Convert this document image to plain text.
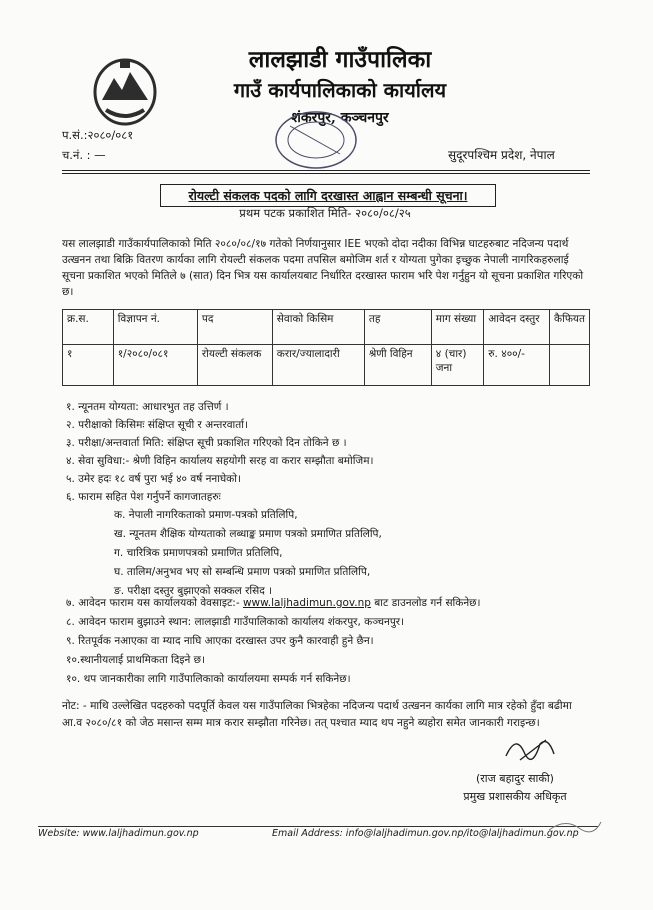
लालझाडी गाउँपालिका
गाउँ कार्यपालिकाको कार्यालय
शंकरपुर, कञ्चनपुर
प.सं.:२०८०/०८१
च.नं. : —	सुदूरपश्चिम प्रदेश, नेपाल
रोयल्टी संकलक पदको लागि दरखास्त आह्वान सम्बन्धी सूचना।
प्रथम पटक प्रकाशित मिति- २०८०/०८/२५
यस लालझाडी गाउँकार्यपालिकाको मिति २०८०/०८/१७ गतेको निर्णयानुसार IEE भएको दोदा नदीका विभिन्न घाटहरुबाट नदिजन्य पदार्थ उत्खनन तथा बिक्रि वितरण कार्यका लागि रोयल्टी संकलक पदमा तपसिल बमोजिम शर्त र योग्यता पुगेका इच्छुक नेपाली नागरिकहरुलाई सूचना प्रकाशित भएको मितिले ७ (सात) दिन भित्र यस कार्यालयबाट निर्धारित दरखास्त फाराम भरि पेश गर्नुहुन यो सूचना प्रकाशित गरिएको छ।
क्र.स.	विज्ञापन नं.	पद	सेवाको किसिम	तह	माग संख्या	आवेदन दस्तुर	कैफियत
१	१/२०८०/०८१	रोयल्टी संकलक	करार/ज्यालादारी	श्रेणी विहिन	४ (चार) जना	रु. ४००/-	
१. न्यूनतम योग्यता: आधारभुत तह उत्तिर्ण ।
२. परीक्षाको किसिमः संक्षिप्त सूची र अन्तरवार्ता।
३. परीक्षा/अन्तवार्ता मिति: संक्षिप्त सूची प्रकाशित गरिएको दिन तोकिने छ ।
४. सेवा सुविधा:- श्रेणी विहिन कार्यालय सहयोगी सरह वा करार सम्झौता बमोजिम।
५. उमेर हदः १८ वर्ष पुरा भई ४० वर्ष ननाघेको।
६. फाराम सहित पेश गर्नुपर्ने कागजातहरुः
क. नेपाली नागरिकताको प्रमाण-पत्रको प्रतिलिपि,
ख. न्यूनतम शैक्षिक योग्यताको लब्धाङ्क प्रमाण पत्रको प्रमाणित प्रतिलिपि,
ग. चारित्रिक प्रमाणपत्रको प्रमाणित प्रतिलिपि,
घ. तालिम/अनुभव भए सो सम्बन्धि प्रमाण पत्रको प्रमाणित प्रतिलिपि,
ङ. परीक्षा दस्तुर बुझाएको सक्कल रसिद ।
७. आवेदन फाराम यस कार्यालयको वेवसाइट:- www.laljhadimun.gov.np बाट डाउनलोड गर्न सकिनेछ।
८. आवेदन फाराम बुझाउने स्थान: लालझाडी गाउँपालिकाको कार्यालय शंकरपुर, कञ्चनपुर।
९. रितपूर्वक नआएका वा म्याद नाघि आएका दरखास्त उपर कुनै कारवाही हुने छैन।
१०.स्थानीयलाई प्राथमिकता दिइने छ।
१०. थप जानकारीका लागि गाउँपालिकाको कार्यालयमा सम्पर्क गर्न सकिनेछ।
नोट: - माथि उल्लेखित पदहरुको पदपूर्ति केवल यस गाउँपालिका भित्रहेका नदिजन्य पदार्थ उत्खनन कार्यका लागि मात्र रहेको हुँदा बढीमा आ.व २०८०/८१ को जेठ मसान्त सम्म मात्र करार सम्झौता गरिनेछ। तत् पश्चात म्याद थप नहुने ब्यहोरा समेत जानकारी गराइन्छ।
(राज बहादुर साकी)
प्रमुख प्रशासकीय अधिकृत
Website: www.laljhadimun.gov.np	Email Address: info@laljhadimun.gov.np/ito@laljhadimun.gov.np
